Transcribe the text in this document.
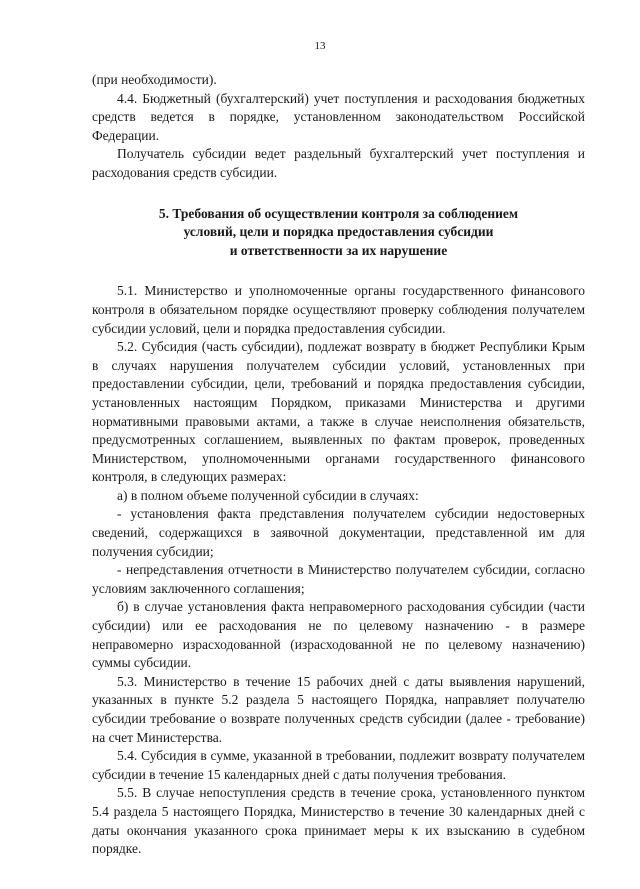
13

(при необходимости).

4.4. Бюджетный (бухгалтерский) учет поступления и расходования бюджетных средств ведется в порядке, установленном законодательством Российской Федерации.

Получатель субсидии ведет раздельный бухгалтерский учет поступления и расходования средств субсидии.

5. Требования об осуществлении контроля за соблюдением
условий, цели и порядка предоставления субсидии
и ответственности за их нарушение

5.1. Министерство и уполномоченные органы государственного финансового контроля в обязательном порядке осуществляют проверку соблюдения получателем субсидии условий, цели и порядка предоставления субсидии.

5.2. Субсидия (часть субсидии), подлежат возврату в бюджет Республики Крым в случаях нарушения получателем субсидии условий, установленных при предоставлении субсидии, цели, требований и порядка предоставления субсидии, установленных настоящим Порядком, приказами Министерства и другими нормативными правовыми актами, а также в случае неисполнения обязательств, предусмотренных соглашением, выявленных по фактам проверок, проведенных Министерством, уполномоченными органами государственного финансового контроля, в следующих размерах:

а) в полном объеме полученной субсидии в случаях:

- установления факта представления получателем субсидии недостоверных сведений, содержащихся в заявочной документации, представленной им для получения субсидии;

- непредставления отчетности в Министерство получателем субсидии, согласно условиям заключенного соглашения;

б) в случае установления факта неправомерного расходования субсидии (части субсидии) или ее расходования не по целевому назначению - в размере неправомерно израсходованной (израсходованной не по целевому назначению) суммы субсидии.

5.3. Министерство в течение 15 рабочих дней с даты выявления нарушений, указанных в пункте 5.2 раздела 5 настоящего Порядка, направляет получателю субсидии требование о возврате полученных средств субсидии (далее - требование) на счет Министерства.

5.4. Субсидия в сумме, указанной в требовании, подлежит возврату получателем субсидии в течение 15 календарных дней с даты получения требования.

5.5. В случае непоступления средств в течение срока, установленного пунктом 5.4 раздела 5 настоящего Порядка, Министерство в течение 30 календарных дней с даты окончания указанного срока принимает меры к их взысканию в судебном порядке.
